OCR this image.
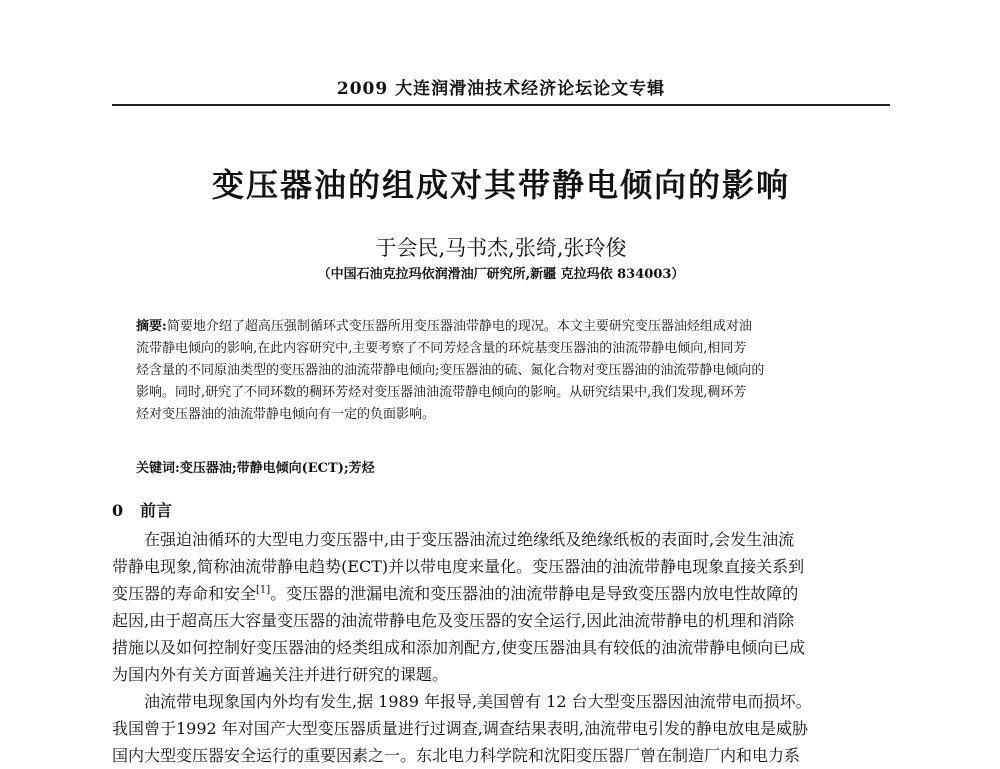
2009 大连润滑油技术经济论坛论文专辑
变压器油的组成对其带静电倾向的影响
于会民,马书杰,张绮,张玲俊
（中国石油克拉玛依润滑油厂研究所,新疆 克拉玛依 834003）
摘要:简要地介绍了超高压强制循环式变压器所用变压器油带静电的现况。本文主要研究变压器油烃组成对油
流带静电倾向的影响,在此内容研究中,主要考察了不同芳烃含量的环烷基变压器油的油流带静电倾向,相同芳
烃含量的不同原油类型的变压器油的油流带静电倾向;变压器油的硫、氮化合物对变压器油的油流带静电倾向的
影响。同时,研究了不同环数的稠环芳烃对变压器油油流带静电倾向的影响。从研究结果中,我们发现,稠环芳
烃对变压器油的油流带静电倾向有一定的负面影响。
关键词:变压器油;带静电倾向(ECT);芳烃
0 前言
在强迫油循环的大型电力变压器中,由于变压器油流过绝缘纸及绝缘纸板的表面时,会发生油流
带静电现象,简称油流带静电趋势(ECT)并以带电度来量化。变压器油的油流带静电现象直接关系到
变压器的寿命和安全[1]。变压器的泄漏电流和变压器油的油流带静电是导致变压器内放电性故障的
起因,由于超高压大容量变压器的油流带静电危及变压器的安全运行,因此油流带静电的机理和消除
措施以及如何控制好变压器油的烃类组成和添加剂配方,使变压器油具有较低的油流带静电倾向已成
为国内外有关方面普遍关注并进行研究的课题。
油流带电现象国内外均有发生,据 1989 年报导,美国曾有 12 台大型变压器因油流带电而损坏。
我国曾于1992 年对国产大型变压器质量进行过调查,调查结果表明,油流带电引发的静电放电是威胁
国内大型变压器安全运行的重要因素之一。东北电力科学院和沈阳变压器厂曾在制造厂内和电力系
